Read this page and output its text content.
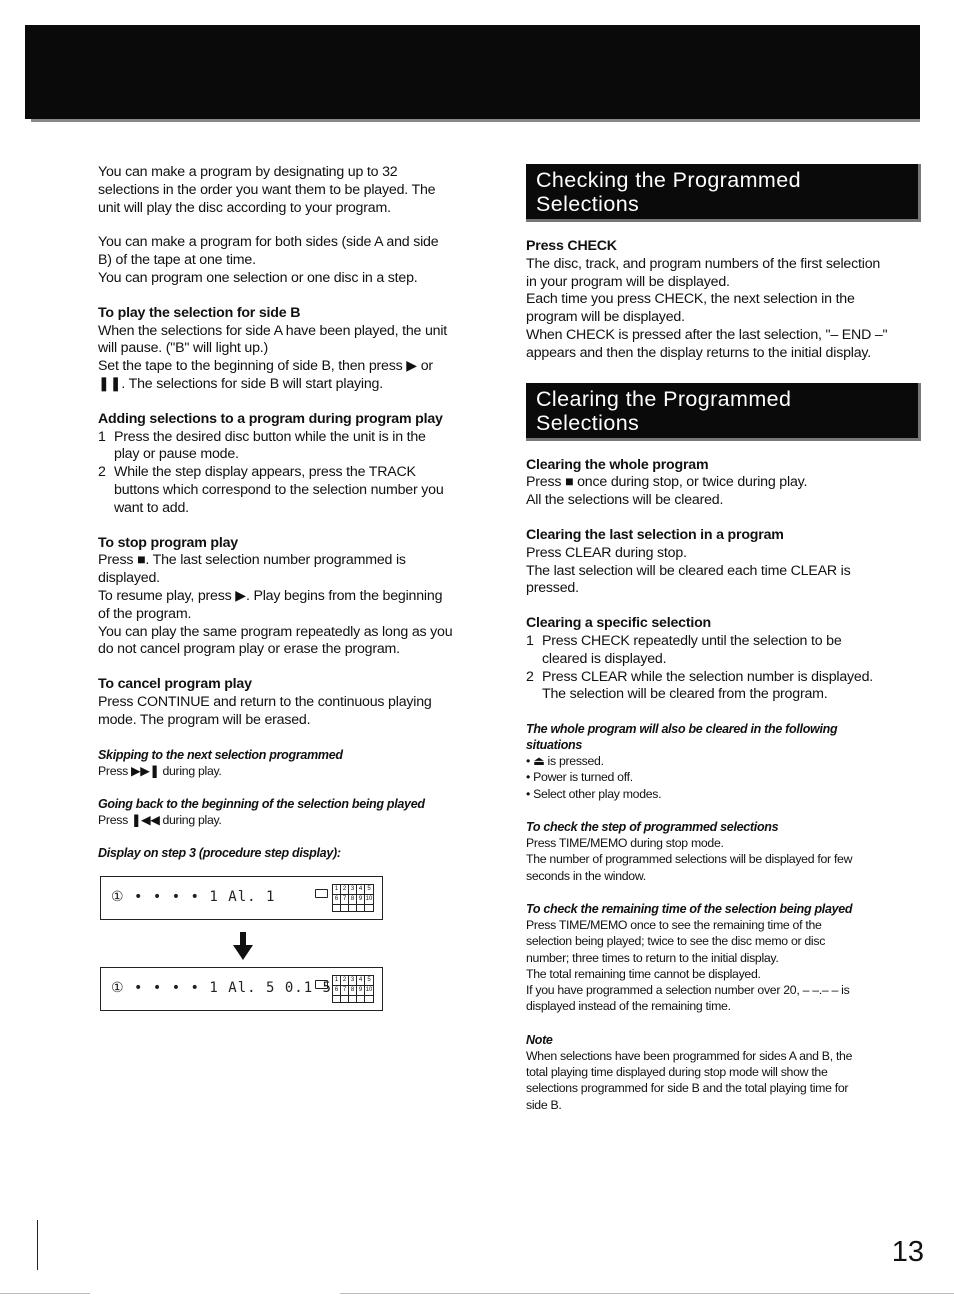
You can make a program by designating up to 32
selections in the order you want them to be played. The
unit will play the disc according to your program.
You can make a program for both sides (side A and side
B) of the tape at one time.
You can program one selection or one disc in a step.
To play the selection for side B
When the selections for side A have been played, the unit
will pause. ("B" will light up.)
Set the tape to the beginning of side B, then press ▶ or
❚❚. The selections for side B will start playing.
Adding selections to a program during program play
1 Press the desired disc button while the unit is in the
play or pause mode.
2 While the step display appears, press the TRACK
buttons which correspond to the selection number you
want to add.
To stop program play
Press ■. The last selection number programmed is
displayed.
To resume play, press ▶. Play begins from the beginning
of the program.
You can play the same program repeatedly as long as you
do not cancel program play or erase the program.
To cancel program play
Press CONTINUE and return to the continuous playing
mode. The program will be erased.
Skipping to the next selection programmed
Press ▶▶❚ during play.
Going back to the beginning of the selection being played
Press ❚◀◀ during play.
Display on step 3 (procedure step display):
① • • • • 1 Al. 1	1 2 3 4 5
6 7 8 9 10
① • • • • 1 Al. 5 0.1 5 1 2 3 4 5
6 7 8 9 10
Checking the Programmed
Selections
Press CHECK
The disc, track, and program numbers of the first selection
in your program will be displayed.
Each time you press CHECK, the next selection in the
program will be displayed.
When CHECK is pressed after the last selection, "– END –"
appears and then the display returns to the initial display.
Clearing the Programmed
Selections
Clearing the whole program
Press ■ once during stop, or twice during play.
All the selections will be cleared.
Clearing the last selection in a program
Press CLEAR during stop.
The last selection will be cleared each time CLEAR is
pressed.
Clearing a specific selection
1 Press CHECK repeatedly until the selection to be
cleared is displayed.
2 Press CLEAR while the selection number is displayed.
The selection will be cleared from the program.
The whole program will also be cleared in the following
situations
• ⏏ is pressed.
• Power is turned off.
• Select other play modes.
To check the step of programmed selections
Press TIME/MEMO during stop mode.
The number of programmed selections will be displayed for few
seconds in the window.
To check the remaining time of the selection being played
Press TIME/MEMO once to see the remaining time of the
selection being played; twice to see the disc memo or disc
number; three times to return to the initial display.
The total remaining time cannot be displayed.
If you have programmed a selection number over 20, – –.– – is
displayed instead of the remaining time.
Note
When selections have been programmed for sides A and B, the
total playing time displayed during stop mode will show the
selections programmed for side B and the total playing time for
side B.
13
